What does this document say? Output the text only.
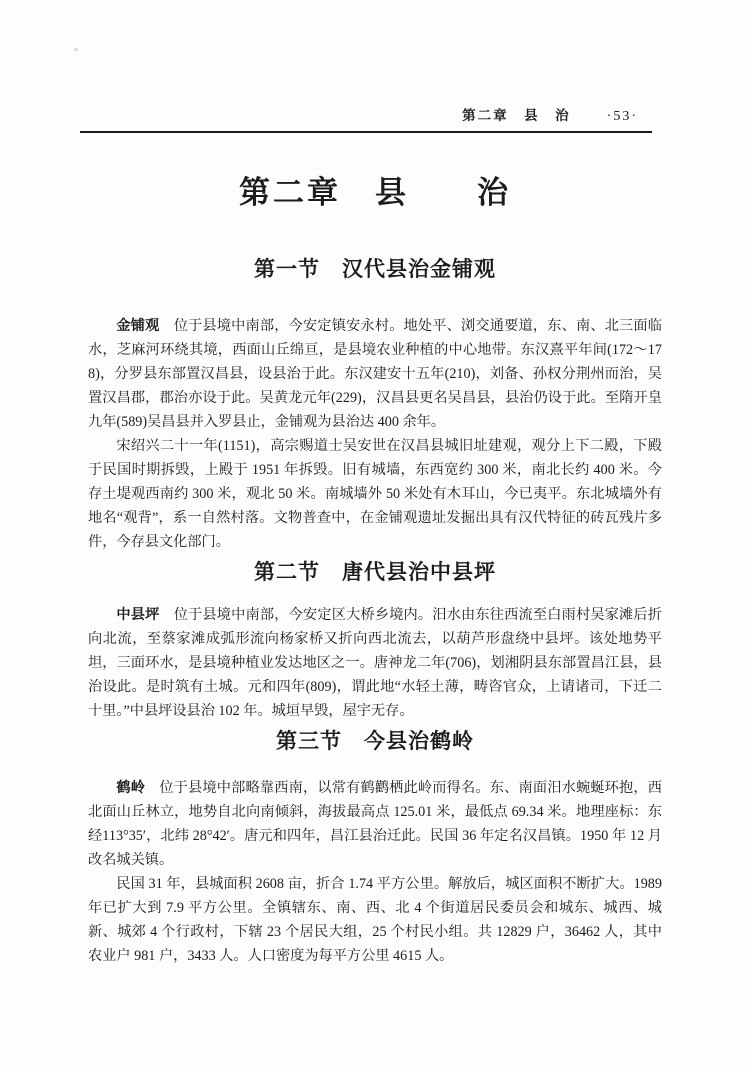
第二章　县　治	·53·
第二章　县　　治
第一节　汉代县治金铺观

金铺观 位于县境中南部，今安定镇安永村。地处平、浏交通要道，东、南、北三面临水，芝麻河环绕其境，西面山丘绵亘，是县境农业种植的中心地带。东汉熹平年间(172～178)，分罗县东部置汉昌县，设县治于此。东汉建安十五年(210)，刘备、孙权分荆州而治，吴置汉昌郡，郡治亦设于此。吴黄龙元年(229)，汉昌县更名吴昌县，县治仍设于此。至隋开皇九年(589)吴昌县并入罗县止，金铺观为县治达 400 余年。

宋绍兴二十一年(1151)，高宗赐道士吴安世在汉昌县城旧址建观，观分上下二殿，下殿于民国时期拆毁，上殿于 1951 年拆毁。旧有城墙，东西宽约 300 米，南北长约 400 米。今存土堤观西南约 300 米，观北 50 米。南城墙外 50 米处有木耳山，今已夷平。东北城墙外有地名“观背”，系一自然村落。文物普查中，在金铺观遗址发掘出具有汉代特征的砖瓦残片多件，今存县文化部门。

第二节　唐代县治中县坪

中县坪 位于县境中南部，今安定区大桥乡境内。汨水由东往西流至白雨村吴家滩后折向北流，至蔡家滩成弧形流向杨家桥又折向西北流去，以葫芦形盘绕中县坪。该处地势平坦，三面环水，是县境种植业发达地区之一。唐神龙二年(706)，划湘阴县东部置昌江县，县治设此。是时筑有土城。元和四年(809)，谓此地“水轻土薄，畴咨官众，上请诸司，下迁二十里。”中县坪设县治 102 年。城垣早毁，屋宇无存。

第三节　今县治鹤岭

鹤岭 位于县境中部略靠西南，以常有鹤鹳栖此岭而得名。东、南面汨水蜿蜒环抱，西北面山丘林立，地势自北向南倾斜，海拔最高点 125.01 米，最低点 69.34 米。地理座标：东经113°35′，北纬 28°42′。唐元和四年，昌江县治迁此。民国 36 年定名汉昌镇。1950 年 12 月改名城关镇。

民国 31 年，县城面积 2608 亩，折合 1.74 平方公里。解放后，城区面积不断扩大。1989 年已扩大到 7.9 平方公里。全镇辖东、南、西、北 4 个街道居民委员会和城东、城西、城新、城郊 4 个行政村，下辖 23 个居民大组，25 个村民小组。共 12829 户，36462 人，其中农业户 981 户，3433 人。人口密度为每平方公里 4615 人。
